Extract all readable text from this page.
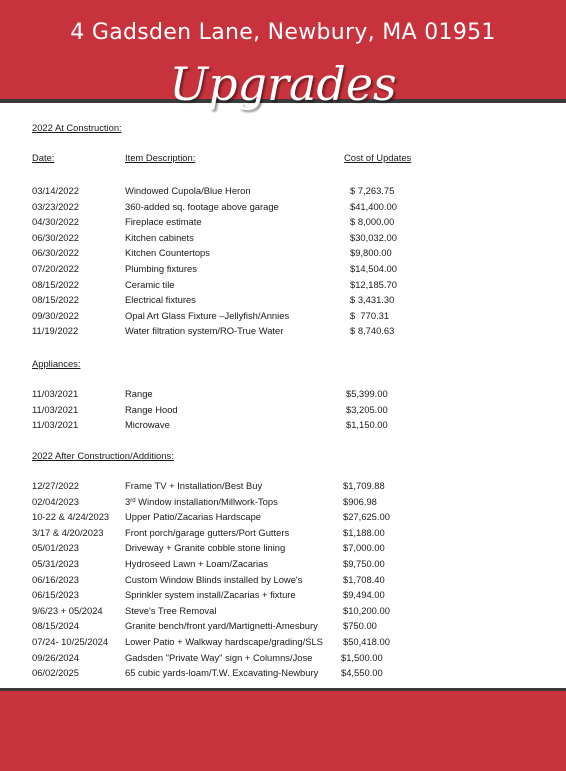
4 Gadsden Lane, Newbury, MA 01951
Upgrades
2022 At Construction:
Date:	Item Description:	Cost of Updates
03/14/2022	Windowed Cupola/Blue Heron	$ 7,263.75
03/23/2022	360-added sq. footage above garage	$41,400.00
04/30/2022	Fireplace estimate	$ 8,000.00
06/30/2022	Kitchen cabinets	$30,032.00
06/30/2022	Kitchen Countertops	$9,800.00
07/20/2022	Plumbing fixtures	$14,504.00
08/15/2022	Ceramic tile	$12,185.70
08/15/2022	Electrical fixtures	$ 3,431.30
09/30/2022	Opal Art Glass Fixture –Jellyfish/Annies	$  770.31
11/19/2022	Water filtration system/RO-True Water	$ 8,740.63
Appliances:
11/03/2021	Range	$5,399.00
11/03/2021	Range Hood	$3,205.00
11/03/2021	Microwave	$1,150.00
2022 After Construction/Additions:
12/27/2022	Frame TV + Installation/Best Buy	$1,709.88
02/04/2023	3rd Window installation/Millwork-Tops	$906.98
10-22 & 4/24/2023 Upper Patio/Zacarias Hardscape	$27,625.00
3/17 & 4/20/2023 Front porch/garage gutters/Port Gutters	$1,188.00
05/01/2023	Driveway + Granite cobble stone lining	$7,000.00
05/31/2023	Hydroseed Lawn + Loam/Zacarias	$9,750.00
06/16/2023	Custom Window Blinds installed by Lowe's	$1,708.40
06/15/2023	Sprinkler system install/Zacarias + fixture	$9,494.00
9/6/23 + 05/2024 Steve's Tree Removal	$10,200.00
08/15/2024	Granite bench/front yard/Martignetti-Amesbury	$750.00
07/24- 10/25/2024 Lower Patio + Walkway hardscape/grading/SLS $50,418.00
09/26/2024	Gadsden "Private Way" sign + Columns/Jose	$1,500.00
06/02/2025	65 cubic yards-loam/T.W. Excavating-Newbury $4,550.00
